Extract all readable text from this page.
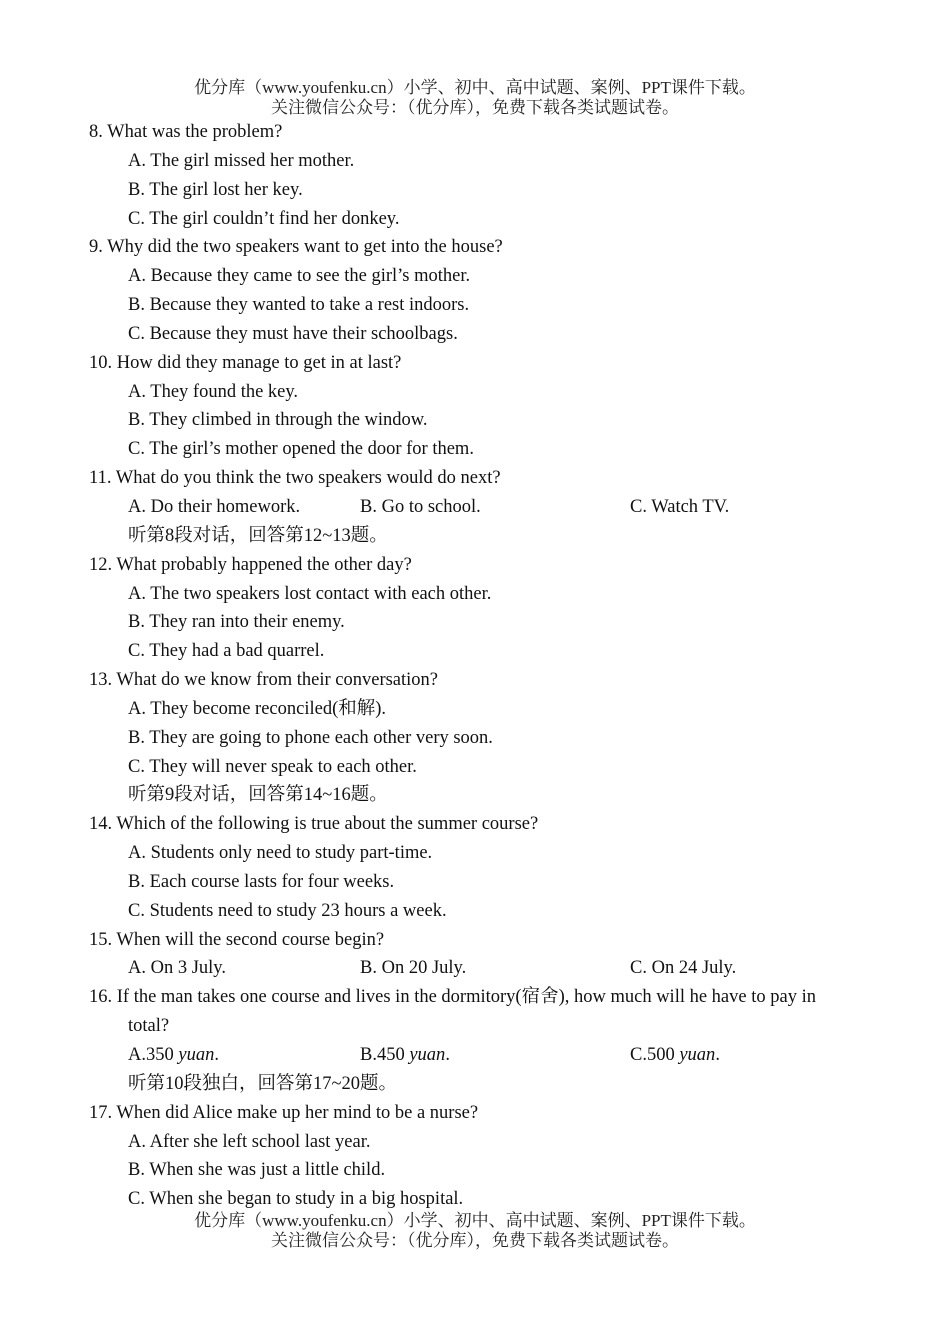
优分库（www.youfenku.cn）小学、初中、高中试题、案例、PPT课件下载。
关注微信公众号：（优分库），免费下载各类试题试卷。
8. What was the problem?
A. The girl missed her mother.
B. The girl lost her key.
C. The girl couldn’t find her donkey.
9. Why did the two speakers want to get into the house?
A. Because they came to see the girl’s mother.
B. Because they wanted to take a rest indoors.
C. Because they must have their schoolbags.
10. How did they manage to get in at last?
A. They found the key.
B. They climbed in through the window.
C. The girl’s mother opened the door for them.
11. What do you think the two speakers would do next?
A. Do their homework.	B. Go to school.	C. Watch TV.
听第8段对话，回答第12~13题。
12. What probably happened the other day?
A. The two speakers lost contact with each other.
B. They ran into their enemy.
C. They had a bad quarrel.
13. What do we know from their conversation?
A. They become reconciled(和解).
B. They are going to phone each other very soon.
C. They will never speak to each other.
听第9段对话，回答第14~16题。
14. Which of the following is true about the summer course?
A. Students only need to study part-time.
B. Each course lasts for four weeks.
C. Students need to study 23 hours a week.
15. When will the second course begin?
A. On 3 July.	B. On 20 July.	C. On 24 July.
16. If the man takes one course and lives in the dormitory(宿舍), how much will he have to pay in
total?
A.350 yuan.	B.450 yuan.	C.500 yuan.
听第10段独白，回答第17~20题。
17. When did Alice make up her mind to be a nurse?
A. After she left school last year.
B. When she was just a little child.
C. When she began to study in a big hospital.
优分库（www.youfenku.cn）小学、初中、高中试题、案例、PPT课件下载。
关注微信公众号：（优分库），免费下载各类试题试卷。
